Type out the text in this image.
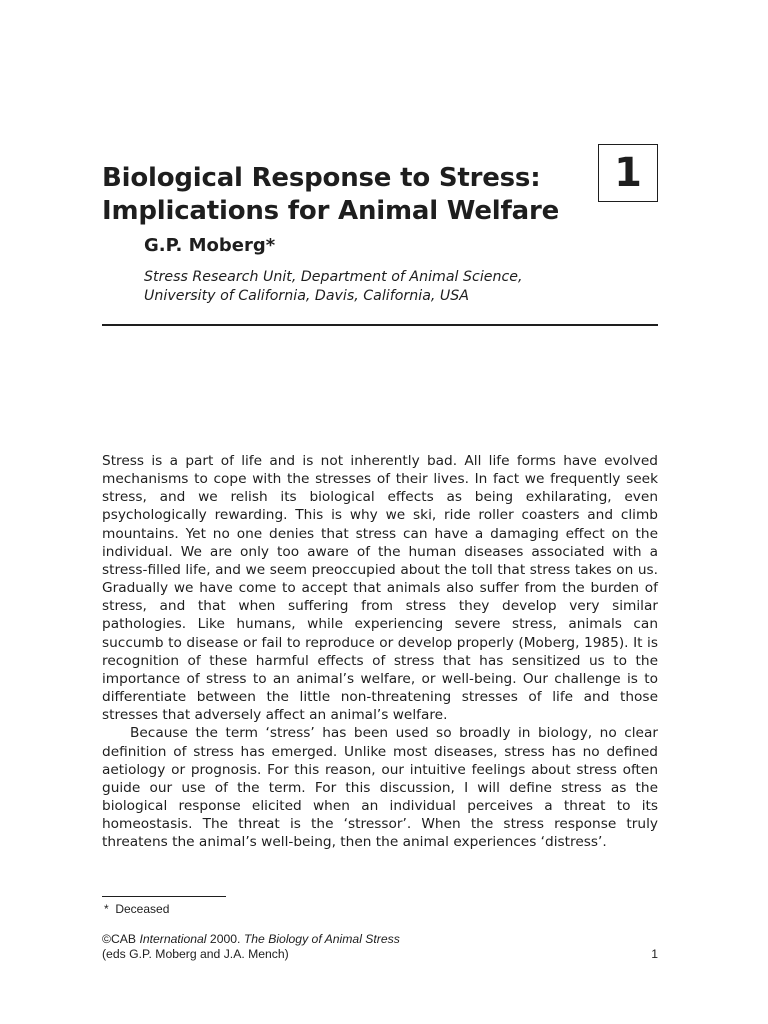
Biological Response to Stress:
Implications for Animal Welfare
1

G.P. Moberg*

Stress Research Unit, Department of Animal Science,
University of California, Davis, California, USA

Stress is a part of life and is not inherently bad. All life forms have evolved mechanisms to cope with the stresses of their lives. In fact we frequently seek stress, and we relish its biological effects as being exhilarating, even psychologically rewarding. This is why we ski, ride roller coasters and climb mountains. Yet no one denies that stress can have a damaging effect on the individual. We are only too aware of the human diseases associated with a stress-filled life, and we seem preoccupied about the toll that stress takes on us. Gradually we have come to accept that animals also suffer from the burden of stress, and that when suffering from stress they develop very similar pathologies. Like humans, while experiencing severe stress, animals can succumb to disease or fail to reproduce or develop properly (Moberg, 1985). It is recognition of these harmful effects of stress that has sensitized us to the importance of stress to an animal’s welfare, or well-being. Our challenge is to differentiate between the little non-threatening stresses of life and those stresses that adversely affect an animal’s welfare.

Because the term ‘stress’ has been used so broadly in biology, no clear definition of stress has emerged. Unlike most diseases, stress has no defined aetiology or prognosis. For this reason, our intuitive feelings about stress often guide our use of the term. For this discussion, I will define stress as the biological response elicited when an individual perceives a threat to its homeostasis. The threat is the ‘stressor’. When the stress response truly threatens the animal’s well-being, then the animal experiences ‘distress’.

* Deceased
©CAB International 2000. The Biology of Animal Stress
(eds G.P. Moberg and J.A. Mench)	1
